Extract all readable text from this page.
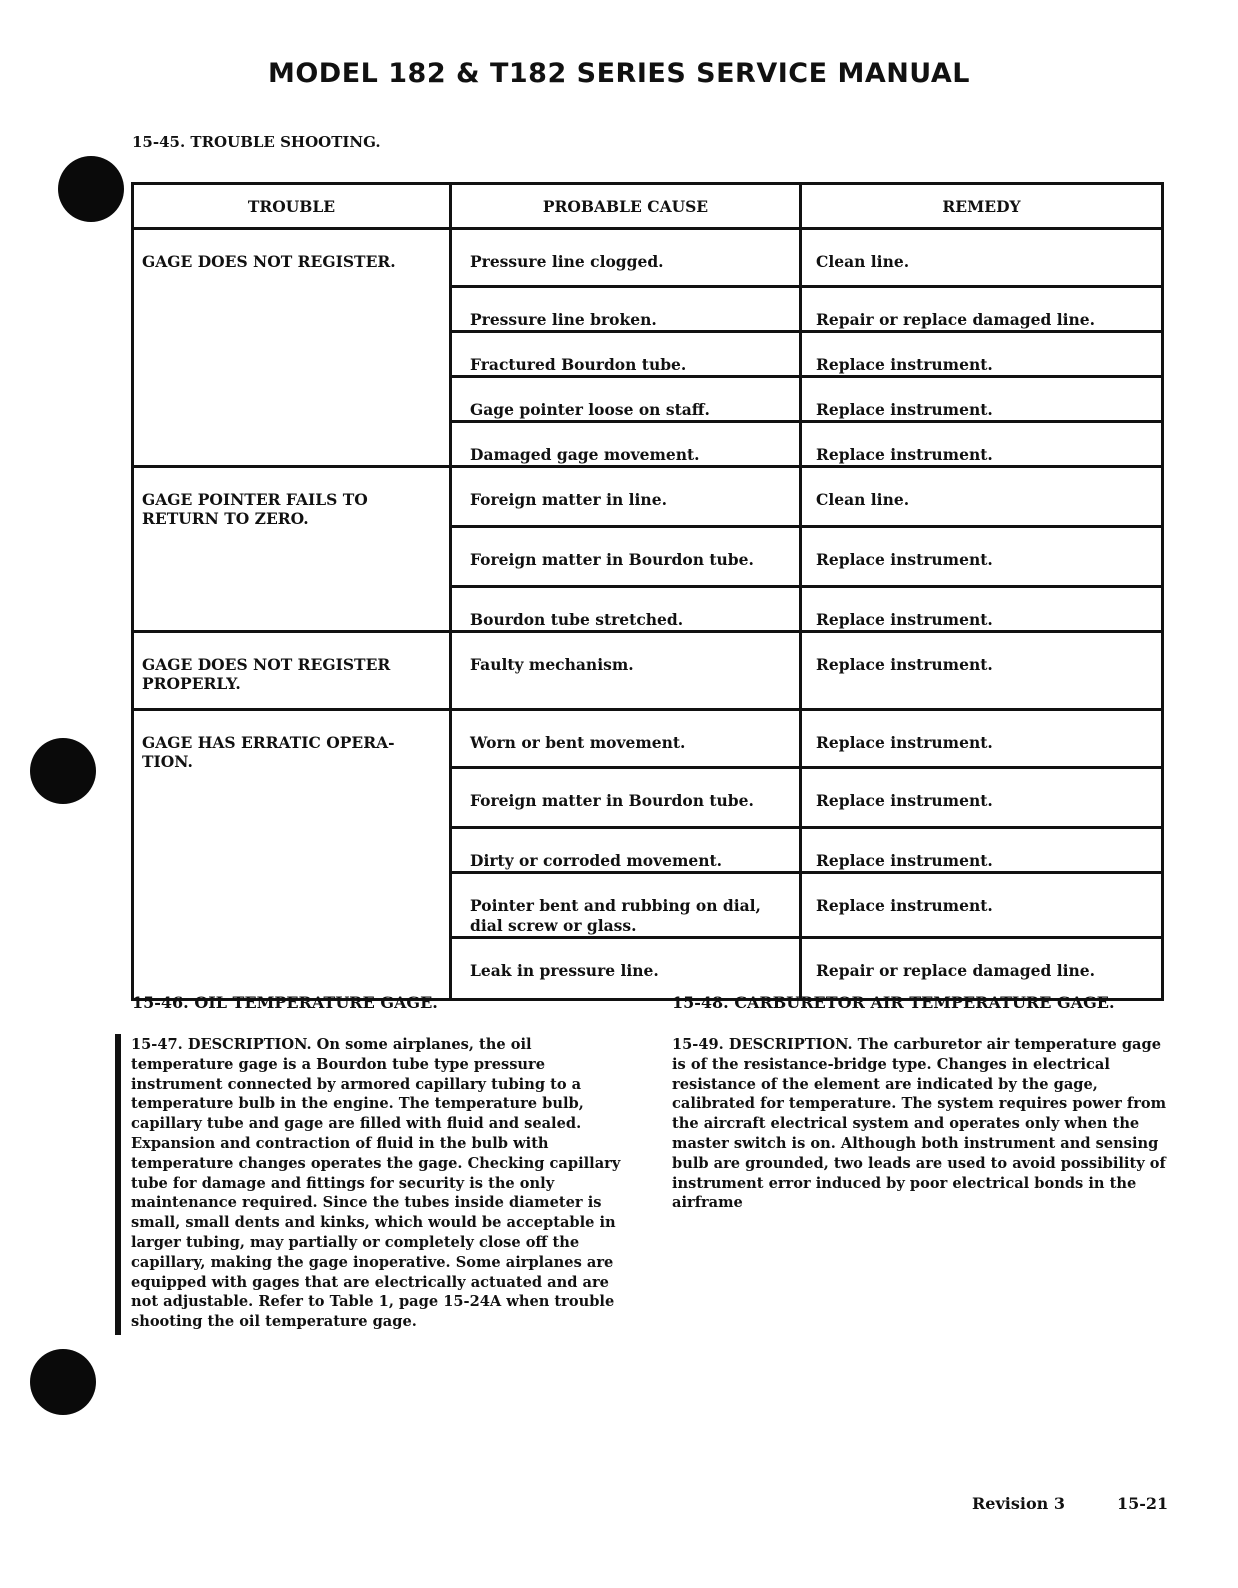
MODEL 182 & T182 SERIES SERVICE MANUAL
15-45. TROUBLE SHOOTING.
TROUBLE	PROBABLE CAUSE	REMEDY
GAGE DOES NOT REGISTER.	Pressure line clogged.	Clean line.

	Pressure line broken.	Repair or replace damaged line.

	Fractured Bourdon tube.	Replace instrument.

	Gage pointer loose on staff.	Replace instrument.

	Damaged gage movement.	Replace instrument.

GAGE POINTER FAILS TO RETURN TO ZERO.	Foreign matter in line.	Clean line.

	Foreign matter in Bourdon tube.	Replace instrument.

	Bourdon tube stretched.	Replace instrument.

GAGE DOES NOT REGISTER PROPERLY.	Faulty mechanism.	Replace instrument.

GAGE HAS ERRATIC OPERA-TION.	Worn or bent movement.	Replace instrument.

	Foreign matter in Bourdon tube.	Replace instrument.

	Dirty or corroded movement.	Replace instrument.

	Pointer bent and rubbing on dial, dial screw or glass.	Replace instrument.

	Leak in pressure line.	Repair or replace damaged line.
15-46. OIL TEMPERATURE GAGE.	15-48. CARBURETOR AIR TEMPERATURE GAGE.

15-47. DESCRIPTION. On some airplanes, the oil temperature gage is a Bourdon tube type pressure instrument connected by armored capillary tubing to a temperature bulb in the engine. The temperature bulb, capillary tube and gage are filled with fluid and sealed. Expansion and contraction of fluid in the bulb with temperature changes operates the gage. Checking capillary tube for damage and fittings for security is the only maintenance required. Since the tubes inside diameter is small, small dents and kinks, which would be acceptable in larger tubing, may partially or completely close off the capillary, making the gage inoperative. Some airplanes are equipped with gages that are electrically actuated and are not adjustable. Refer to Table 1, page 15-24A when trouble shooting the oil temperature gage.

15-49. DESCRIPTION. The carburetor air temperature gage is of the resistance-bridge type. Changes in electrical resistance of the element are indicated by the gage, calibrated for temperature. The system requires power from the aircraft electrical system and operates only when the master switch is on. Although both instrument and sensing bulb are grounded, two leads are used to avoid possibility of instrument error induced by poor electrical bonds in the airframe

Revision 3	15-21
